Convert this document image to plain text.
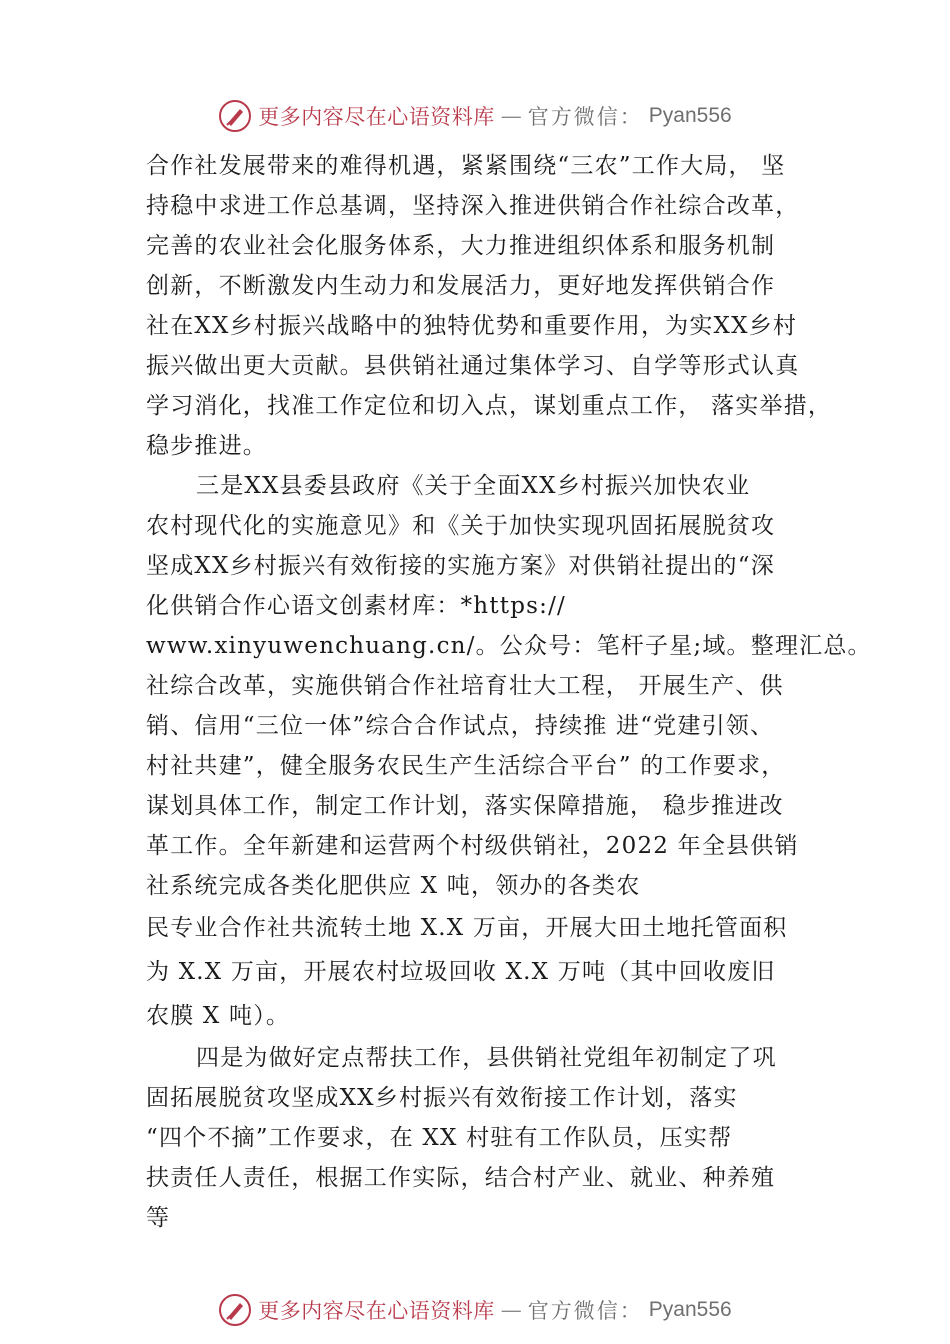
更多内容尽在心语资料库 — 官方微信： Pyan556
合作社发展带来的难得机遇，紧紧围绕“三农”工作大局， 坚
持稳中求进工作总基调，坚持深入推进供销合作社综合改革，
完善的农业社会化服务体系，大力推进组织体系和服务机制
创新，不断激发内生动力和发展活力，更好地发挥供销合作
社在XX乡村振兴战略中的独特优势和重要作用，为实XX乡村
振兴做出更大贡献。县供销社通过集体学习、自学等形式认真
学习消化，找准工作定位和切入点，谋划重点工作， 落实举措，
稳步推进。
三是XX县委县政府《关于全面XX乡村振兴加快农业
农村现代化的实施意见》和《关于加快实现巩固拓展脱贫攻
坚成XX乡村振兴有效衔接的实施方案》对供销社提出的“深
化供销合作心语文创素材库：*https://
www.xinyuwenchuang.cn/。公众号：笔杆子星;域。整理汇总。
社综合改革，实施供销合作社培育壮大工程， 开展生产、供
销、信用“三位一体”综合合作试点，持续推 进“党建引领、
村社共建”，健全服务农民生产生活综合平台” 的工作要求，
谋划具体工作，制定工作计划，落实保障措施， 稳步推进改
革工作。全年新建和运营两个村级供销社，2022 年全县供销
社系统完成各类化肥供应 X 吨，领办的各类农
民专业合作社共流转土地 X.X 万亩，开展大田土地托管面积
为 X.X 万亩，开展农村垃圾回收 X.X 万吨（其中回收废旧
农膜 X 吨）。
四是为做好定点帮扶工作，县供销社党组年初制定了巩
固拓展脱贫攻坚成XX乡村振兴有效衔接工作计划，落实
“四个不摘”工作要求，在 XX 村驻有工作队员，压实帮
扶责任人责任，根据工作实际，结合村产业、就业、种养殖
等
更多内容尽在心语资料库 — 官方微信： Pyan556
